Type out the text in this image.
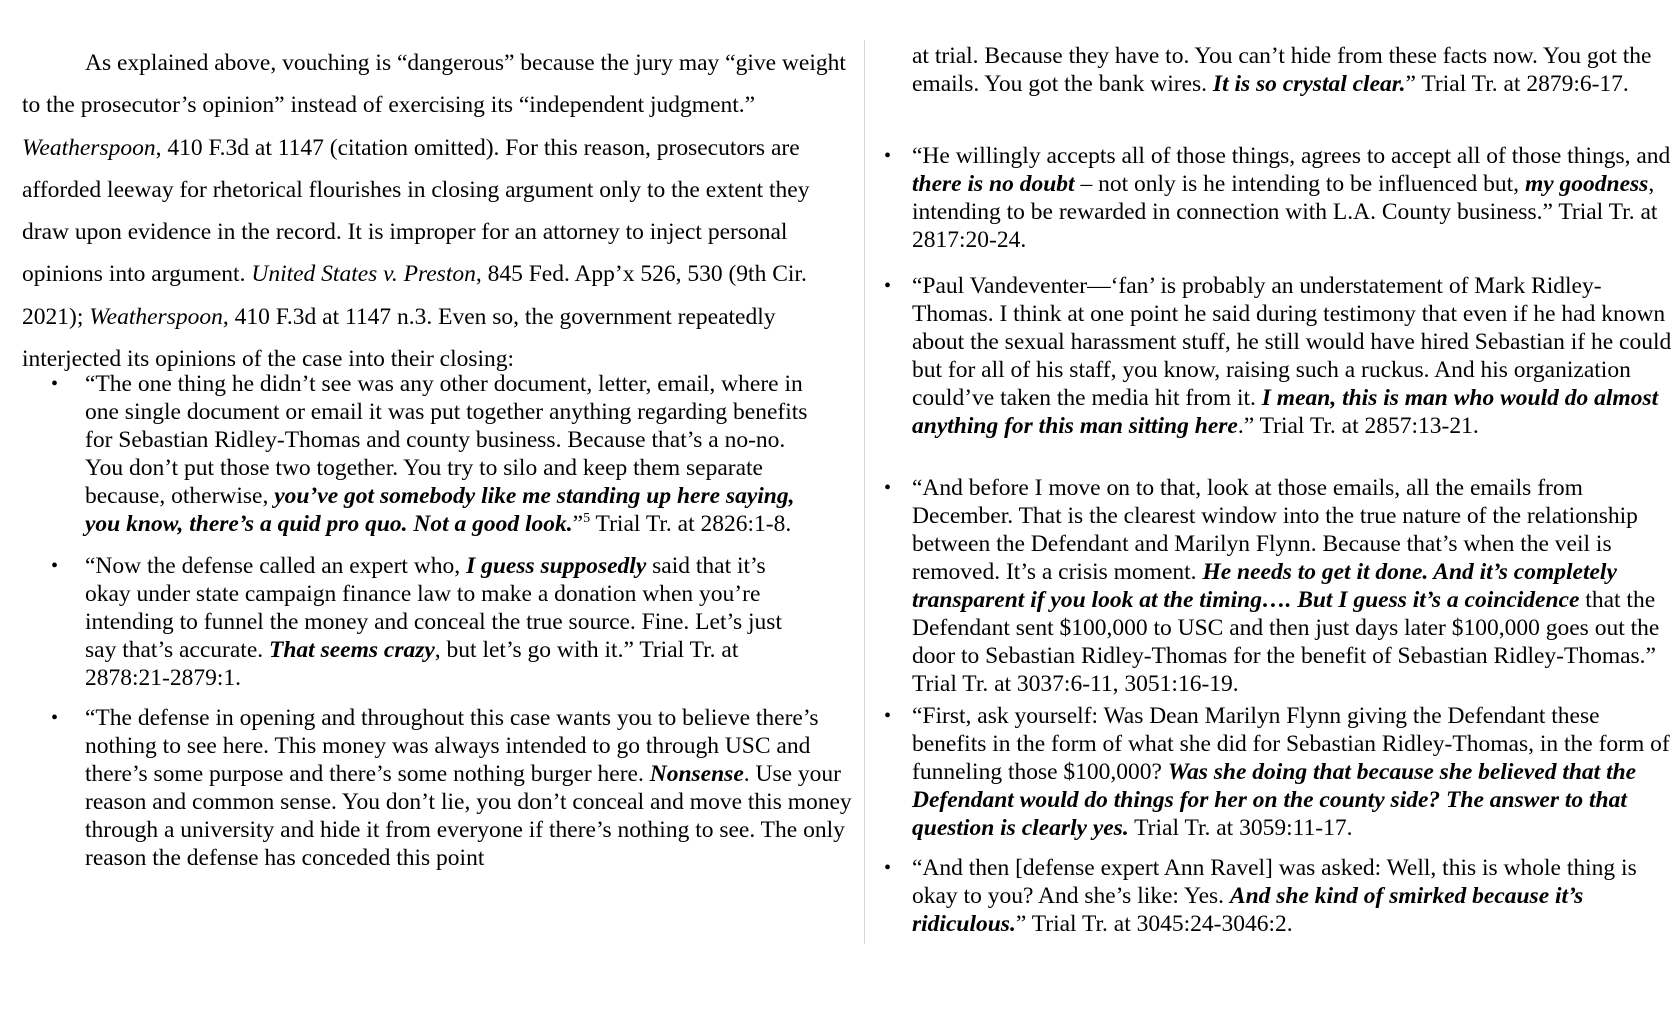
As explained above, vouching is “dangerous” because the jury may “give weight to the prosecutor’s opinion” instead of exercising its “independent judgment.” Weatherspoon, 410 F.3d at 1147 (citation omitted). For this reason, prosecutors are afforded leeway for rhetorical flourishes in closing argument only to the extent they draw upon evidence in the record. It is improper for an attorney to inject personal opinions into argument. United States v. Preston, 845 Fed. App’x 526, 530 (9th Cir. 2021); Weatherspoon, 410 F.3d at 1147 n.3. Even so, the government repeatedly interjected its opinions of the case into their closing:

• “The one thing he didn’t see was any other document, letter, email, where in one single document or email it was put together anything regarding benefits for Sebastian Ridley-Thomas and county business. Because that’s a no-no. You don’t put those two together. You try to silo and keep them separate because, otherwise, you’ve got somebody like me standing up here saying, you know, there’s a quid pro quo. Not a good look.”$^5$ Trial Tr. at 2826:1-8.

• “Now the defense called an expert who, I guess supposedly said that it’s okay under state campaign finance law to make a donation when you’re intending to funnel the money and conceal the true source. Fine. Let’s just say that’s accurate. That seems crazy, but let’s go with it.” Trial Tr. at 2878:21-2879:1.

• “The defense in opening and throughout this case wants you to believe there’s nothing to see here. This money was always intended to go through USC and there’s some purpose and there’s some nothing burger here. Nonsense. Use your reason and common sense. You don’t lie, you don’t conceal and move this money through a university and hide it from everyone if there’s nothing to see. The only reason the defense has conceded this point

at trial. Because they have to. You can’t hide from these facts now. You got the emails. You got the bank wires. It is so crystal clear.” Trial Tr. at 2879:6-17.

• “He willingly accepts all of those things, agrees to accept all of those things, and there is no doubt – not only is he intending to be influenced but, my goodness, intending to be rewarded in connection with L.A. County business.” Trial Tr. at 2817:20-24.

• “Paul Vandeventer—‘fan’ is probably an understatement of Mark Ridley-Thomas. I think at one point he said during testimony that even if he had known about the sexual harassment stuff, he still would have hired Sebastian if he could but for all of his staff, you know, raising such a ruckus. And his organization could’ve taken the media hit from it. I mean, this is man who would do almost anything for this man sitting here.” Trial Tr. at 2857:13-21.

• “And before I move on to that, look at those emails, all the emails from December. That is the clearest window into the true nature of the relationship between the Defendant and Marilyn Flynn. Because that’s when the veil is removed. It’s a crisis moment. He needs to get it done. And it’s completely transparent if you look at the timing…. But I guess it’s a coincidence that the Defendant sent $100,000 to USC and then just days later $100,000 goes out the door to Sebastian Ridley-Thomas for the benefit of Sebastian Ridley-Thomas.” Trial Tr. at 3037:6-11, 3051:16-19.

• “First, ask yourself: Was Dean Marilyn Flynn giving the Defendant these benefits in the form of what she did for Sebastian Ridley-Thomas, in the form of funneling those $100,000? Was she doing that because she believed that the Defendant would do things for her on the county side? The answer to that question is clearly yes. Trial Tr. at 3059:11-17.

• “And then [defense expert Ann Ravel] was asked: Well, this is whole thing is okay to you? And she’s like: Yes. And she kind of smirked because it’s ridiculous.” Trial Tr. at 3045:24-3046:2.
